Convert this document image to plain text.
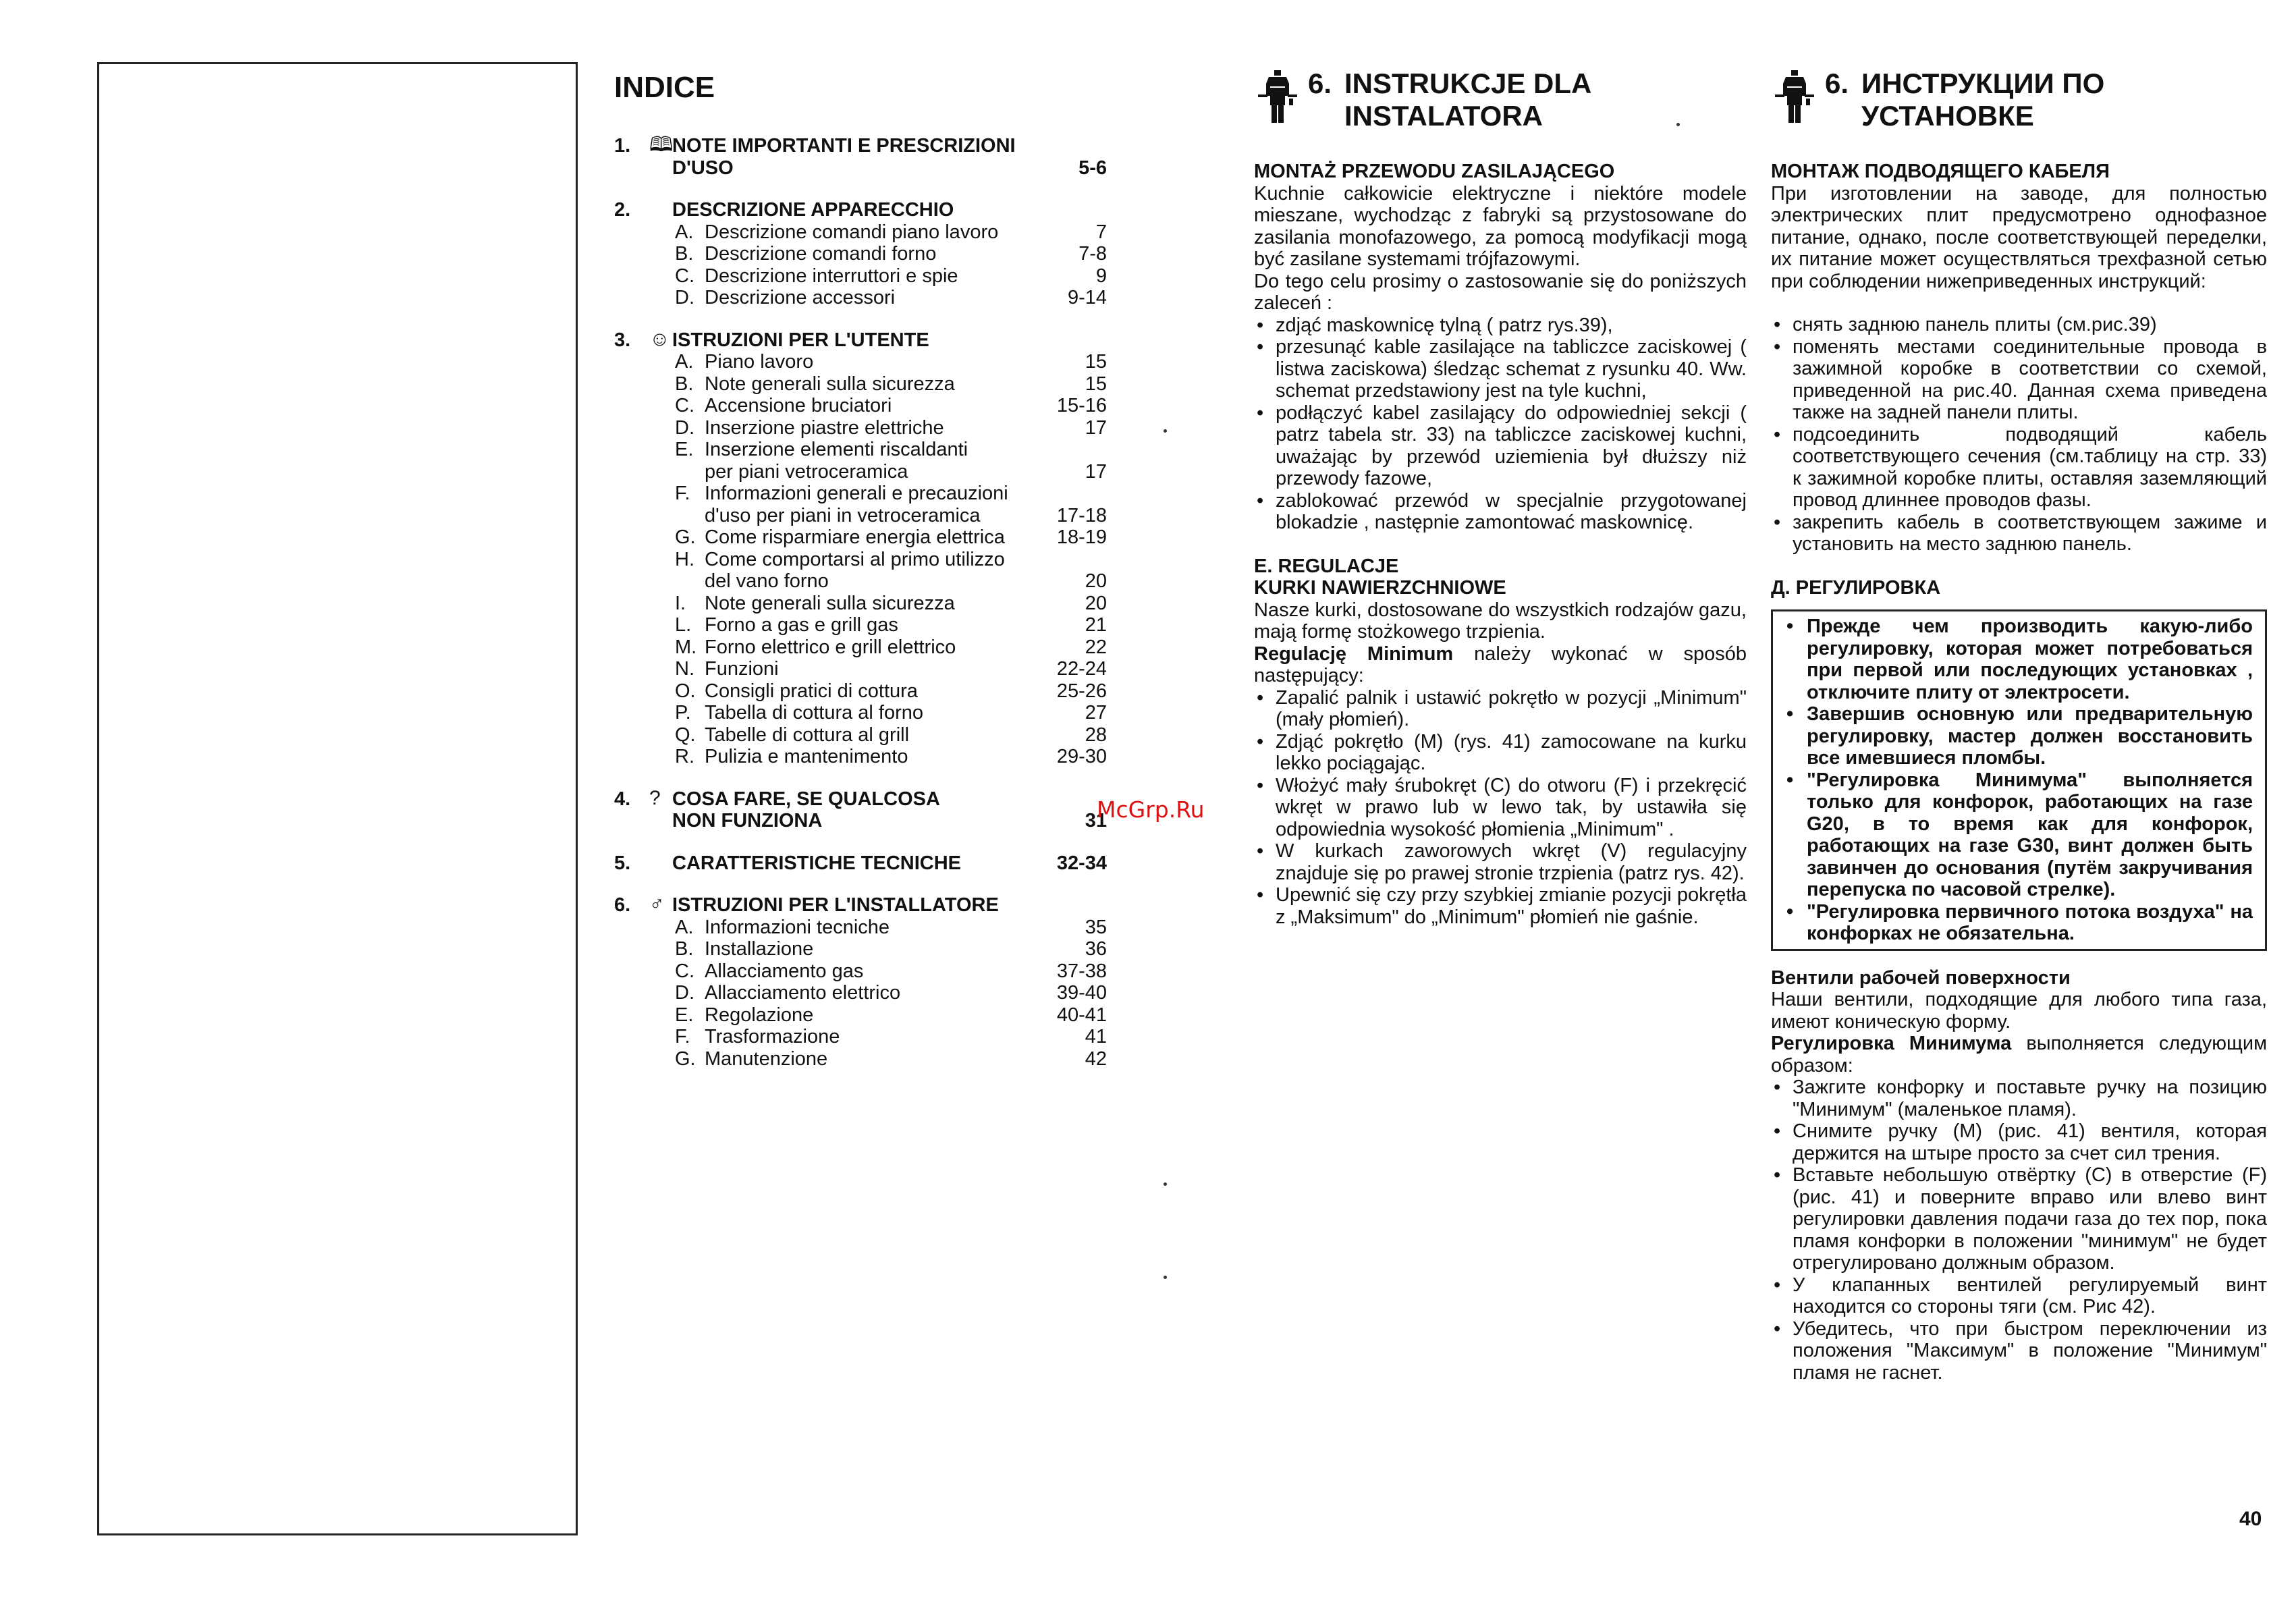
INDICE
1. 🕮
NOTE IMPORTANTI E PRESCRIZIONI
D'USO	5-6
2.	DESCRIZIONE APPARECCHIO
A. Descrizione comandi piano lavoro	7
B. Descrizione comandi forno	7-8
C. Descrizione interruttori e spie	9
D. Descrizione accessori	9-14
3. ☺ ISTRUZIONI PER L'UTENTE
A. Piano lavoro	15
B. Note generali sulla sicurezza	15
C. Accensione bruciatori	15-16
D. Inserzione piastre elettriche	17
E. Inserzione elementi riscaldanti
per piani vetroceramica	17
F. Informazioni generali e precauzioni
d'uso per piani in vetroceramica	17-18
G. Come risparmiare energia elettrica	18-19
H. Come comportarsi al primo utilizzo
del vano forno	20
I. Note generali sulla sicurezza	20
L. Forno a gas e grill gas	21
M. Forno elettrico e grill elettrico	22
N. Funzioni	22-24
O. Consigli pratici di cottura	25-26
P. Tabella di cottura al forno	27
Q. Tabelle di cottura al grill	28
R. Pulizia e mantenimento	29-30
4. ? COSA FARE, SE QUALCOSA
NON FUNZIONA	31
5.	CARATTERISTICHE TECNICHE	32-34
6. ♂ ISTRUZIONI PER L'INSTALLATORE
A. Informazioni tecniche	35
B. Installazione	36
C. Allacciamento gas	37-38
D. Allacciamento elettrico	39-40
E. Regolazione	40-41
F. Trasformazione	41
G. Manutenzione	42
6. INSTRUKCJE DLA
INSTALATORA

MONTAŻ PRZEWODU ZASILAJĄCEGO

Kuchnie całkowicie elektryczne i niektóre modele mieszane, wychodząc z fabryki są przystosowane do zasilania monofazowego, za pomocą modyfikacji mogą być zasilane systemami trójfazowymi.

Do tego celu prosimy o zastosowanie się do poniższych zaleceń :

• zdjąć maskownicę tylną ( patrz rys.39),
• przesunąć kable zasilające na tabliczce zaciskowej ( listwa zaciskowa) śledząc schemat z rysunku 40. Ww. schemat przedstawiony jest na tyle kuchni,
• podłączyć kabel zasilający do odpowiedniej sekcji ( patrz tabela str. 33) na tabliczce zaciskowej kuchni, uważając by przewód uziemienia był dłuższy niż przewody fazowe,
• zablokować przewód w specjalnie przygotowanej blokadzie , następnie zamontować maskownicę.

E. REGULACJE

KURKI NAWIERZCHNIOWE

Nasze kurki, dostosowane do wszystkich rodzajów gazu, mają formę stożkowego trzpienia.

Regulację Minimum należy wykonać w sposób następujący:

• Zapalić palnik i ustawić pokrętło w pozycji „Minimum" (mały płomień).
• Zdjąć pokrętło (M) (rys. 41) zamocowane na kurku lekko pociągając.
• Włożyć mały śrubokręt (C) do otworu (F) i przekręcić wkręt w prawo lub w lewo tak, by ustawiła się odpowiednia wysokość płomienia „Minimum" .
• W kurkach zaworowych wkręt (V) regulacyjny znajduje się po prawej stronie trzpienia (patrz rys. 42).
• Upewnić się czy przy szybkiej zmianie pozycji pokrętła z „Maksimum" do „Minimum" płomień nie gaśnie.
6. ИНСТРУКЦИИ ПО
УСТАНОВКЕ

МОНТАЖ ПОДВОДЯЩЕГО КАБЕЛЯ

При изготовлении на заводе, для полностью электрических плит предусмотрено однофазное питание, однако, после соответствующей переделки, их питание может осуществляться трехфазной сетью при соблюдении нижеприведенных инструкций:

• снять заднюю панель плиты (см.рис.39)
• поменять местами соединительные провода в зажимной коробке в соответствии со схемой, приведенной на рис.40. Данная схема приведена также на задней панели плиты.
• подсоединить подводящий кабель соответствующего сечения (см.таблицу на стр. 33) к зажимной коробке плиты, оставляя заземляющий провод длиннее проводов фазы.
• закрепить кабель в соответствующем зажиме и установить на место заднюю панель.

Д. РЕГУЛИРОВКА

• Прежде чем производить какую-либо регулировку, которая может потребоваться при первой или последующих установках , отключите плиту от электросети.
• Завершив основную или предварительную регулировку, мастер должен восстановить все имевшиеся пломбы.
• "Регулировка Минимума" выполняется только для конфорок, работающих на газе G20, в то время как для конфорок, работающих на газе G30, винт должен быть завинчен до основания (путём закручивания перепуска по часовой стрелке).
• "Регулировка первичного потока воздуха" на конфорках не обязательна.

Вентили рабочей поверхности

Наши вентили, подходящие для любого типа газа, имеют коническую форму.

Регулировка Минимума выполняется следующим образом:

• Зажгите конфорку и поставьте ручку на позицию "Минимум" (маленькое пламя).
• Снимите ручку (M) (рис. 41) вентиля, которая держится на штыре просто за счет сил трения.
• Вставьте небольшую отвёртку (C) в отверстие (F) (рис. 41) и поверните вправо или влево винт регулировки давления подачи газа до тех пор, пока пламя конфорки в положении "минимум" не будет отрегулировано должным образом.
• У клапанных вентилей регулируемый винт находится со стороны тяги (см. Рис 42).
• Убедитесь, что при быстром переключении из положения "Максимум" в положение "Минимум" пламя не гаснет.
McGrp.Ru
40
